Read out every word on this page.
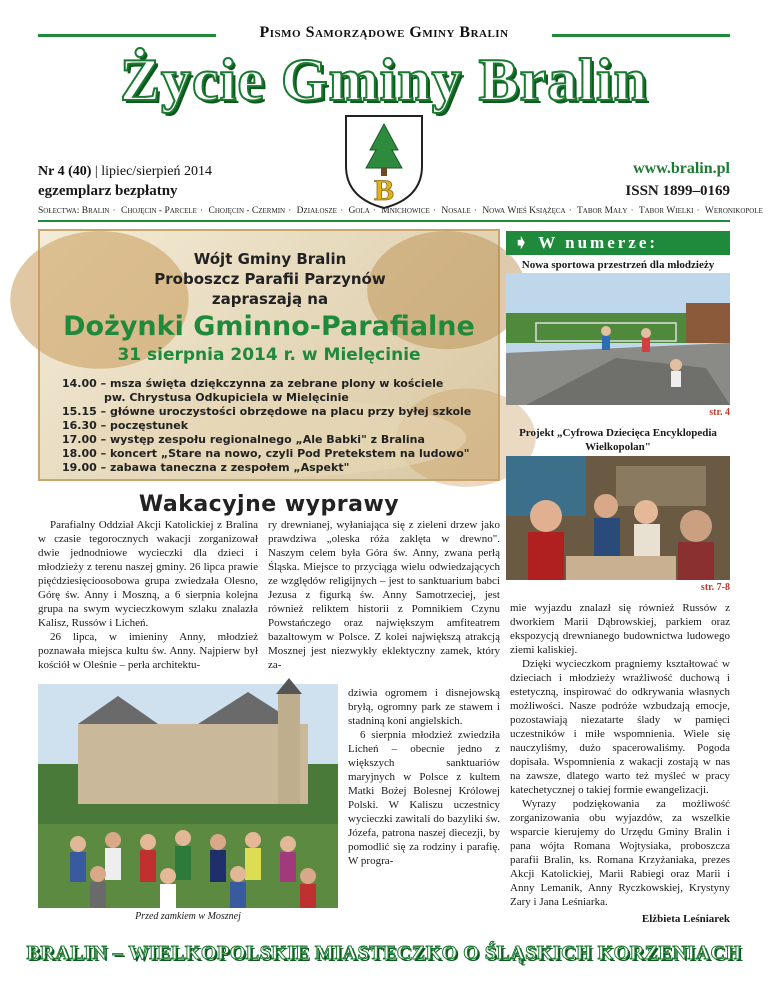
Pismo Samorządowe Gminy Bralin
Życie Gminy Bralin
B
Nr 4 (40) | lipiec/sierpień 2014
egzemplarz bezpłatny
www.bralin.pl
ISSN 1899–0169
Sołectwa: Bralin · Chojęcin - Parcele · Chojęcin - Czermin · Działosze · Gola · Mnichowice · Nosale · Nowa Wieś Książęca · Tabor Mały · Tabor Wielki · Weronikopole
Wójt Gminy Bralin
Proboszcz Parafii Parzynów
zapraszają na
Dożynki Gminno-Parafialne
31 sierpnia 2014 r. w Mielęcinie
14.00 – msza święta dziękczynna za zebrane plony w kościele
pw. Chrystusa Odkupiciela w Mielęcinie
15.15 – główne uroczystości obrzędowe na placu przy byłej szkole
16.30 – poczęstunek
17.00 – występ zespołu regionalnego „Ale Babki" z Bralina
18.00 – koncert „Stare na nowo, czyli Pod Pretekstem na ludowo"
19.00 – zabawa taneczna z zespołem „Aspekt"
➧ W numerze:
Nowa sportowa przestrzeń dla młodzieży
str. 4
Projekt „Cyfrowa Dziecięca Encyklopedia Wielkopolan"
str. 7-8
Wakacyjne wyprawy

Parafialny Oddział Akcji Katolickiej z Bralina w czasie tegorocznych wakacji zorganizował dwie jednodniowe wycieczki dla dzieci i młodzieży z terenu naszej gminy. 26 lipca prawie pięćdziesięcioosobowa grupa zwiedzała Olesno, Górę św. Anny i Moszną, a 6 sierpnia kolejna grupa na swym wycieczkowym szlaku znalazła Kalisz, Russów i Licheń.

26 lipca, w imieniny Anny, młodzież poznawała miejsca kultu św. Anny. Najpierw był kościół w Oleśnie – perła architektu-

ry drewnianej, wyłaniająca się z zieleni drzew jako prawdziwa „oleska róża zaklęta w drewno". Naszym celem była Góra św. Anny, zwana perłą Śląska. Miejsce to przyciąga wielu odwiedzających ze względów religijnych – jest to sanktuarium babci Jezusa z figurką św. Anny Samotrzeciej, jest również reliktem historii z Pomnikiem Czynu Powstańczego oraz największym amfiteatrem bazaltowym w Polsce. Z kolei największą atrakcją Mosznej jest niezwykły eklektyczny zamek, który za-

dziwia ogromem i disnejowską bryłą, ogromny park ze stawem i stadniną koni angielskich.

6 sierpnia młodzież zwiedziła Licheń – obecnie jedno z większych sanktuariów maryjnych w Polsce z kultem Matki Bożej Bolesnej Królowej Polski. W Kaliszu uczestnicy wycieczki zawitali do bazyliki św. Józefa, patrona naszej diecezji, by pomodlić się za rodziny i parafię. W progra-

Przed zamkiem w Mosznej

mie wyjazdu znalazł się również Russów z dworkiem Marii Dąbrowskiej, parkiem oraz ekspozycją drewnianego budownictwa ludowego ziemi kaliskiej.

Dzięki wycieczkom pragniemy kształtować w dzieciach i młodzieży wrażliwość duchową i estetyczną, inspirować do odkrywania własnych możliwości. Nasze podróże wzbudzają emocje, pozostawiają niezatarte ślady w pamięci uczestników i miłe wspomnienia. Wiele się nauczyliśmy, dużo spacerowaliśmy. Pogoda dopisała. Wspomnienia z wakacji zostają w nas na zawsze, dlatego warto też myśleć w pracy katechetycznej o takiej formie ewangelizacji.

Wyrazy podziękowania za możliwość zorganizowania obu wyjazdów, za wszelkie wsparcie kierujemy do Urzędu Gminy Bralin i pana wójta Romana Wojtysiaka, proboszcza parafii Bralin, ks. Romana Krzyżaniaka, prezes Akcji Katolickiej, Marii Rabiegi oraz Marii i Anny Lemanik, Anny Ryczkowskiej, Krystyny Zary i Jana Leśniarka.

Elżbieta Leśniarek

BRALIN – WIELKOPOLSKIE MIASTECZKO O ŚLĄSKICH KORZENIACH
